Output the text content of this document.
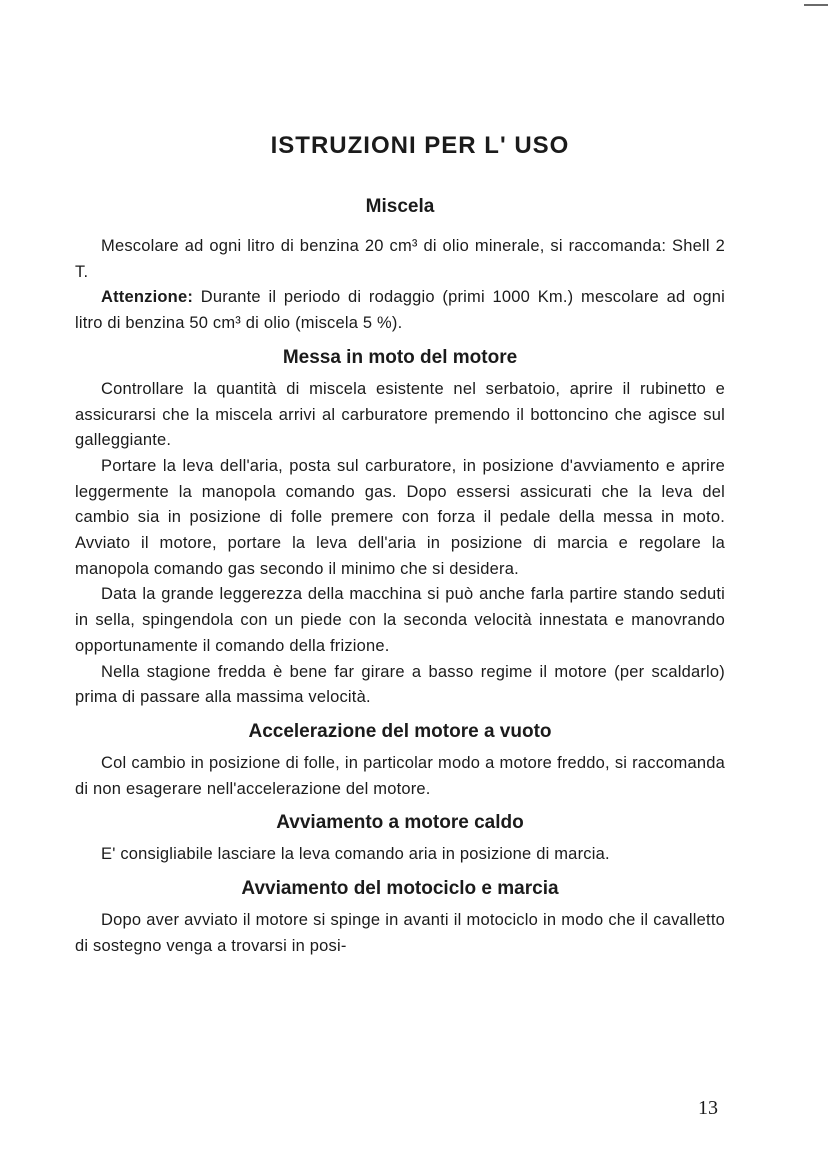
ISTRUZIONI PER L' USO
Miscela

Mescolare ad ogni litro di benzina 20 cm³ di olio minerale, si raccomanda: Shell 2 T.

Attenzione: Durante il periodo di rodaggio (primi 1000 Km.) mescolare ad ogni litro di benzina 50 cm³ di olio (miscela 5 %).

Messa in moto del motore

Controllare la quantità di miscela esistente nel serbatoio, aprire il rubinetto e assicurarsi che la miscela arrivi al carburatore premendo il bottoncino che agisce sul galleggiante.

Portare la leva dell'aria, posta sul carburatore, in posizione d'avviamento e aprire leggermente la manopola comando gas. Dopo essersi assicurati che la leva del cambio sia in posizione di folle premere con forza il pedale della messa in moto. Avviato il motore, portare la leva dell'aria in posizione di marcia e regolare la manopola comando gas secondo il minimo che si desidera.

Data la grande leggerezza della macchina si può anche farla partire stando seduti in sella, spingendola con un piede con la seconda velocità innestata e manovrando opportunamente il comando della frizione.

Nella stagione fredda è bene far girare a basso regime il motore (per scaldarlo) prima di passare alla massima velocità.

Accelerazione del motore a vuoto

Col cambio in posizione di folle, in particolar modo a motore freddo, si raccomanda di non esagerare nell'accelerazione del motore.

Avviamento a motore caldo

E' consigliabile lasciare la leva comando aria in posizione di marcia.

Avviamento del motociclo e marcia

Dopo aver avviato il motore si spinge in avanti il motociclo in modo che il cavalletto di sostegno venga a trovarsi in posi-

13
